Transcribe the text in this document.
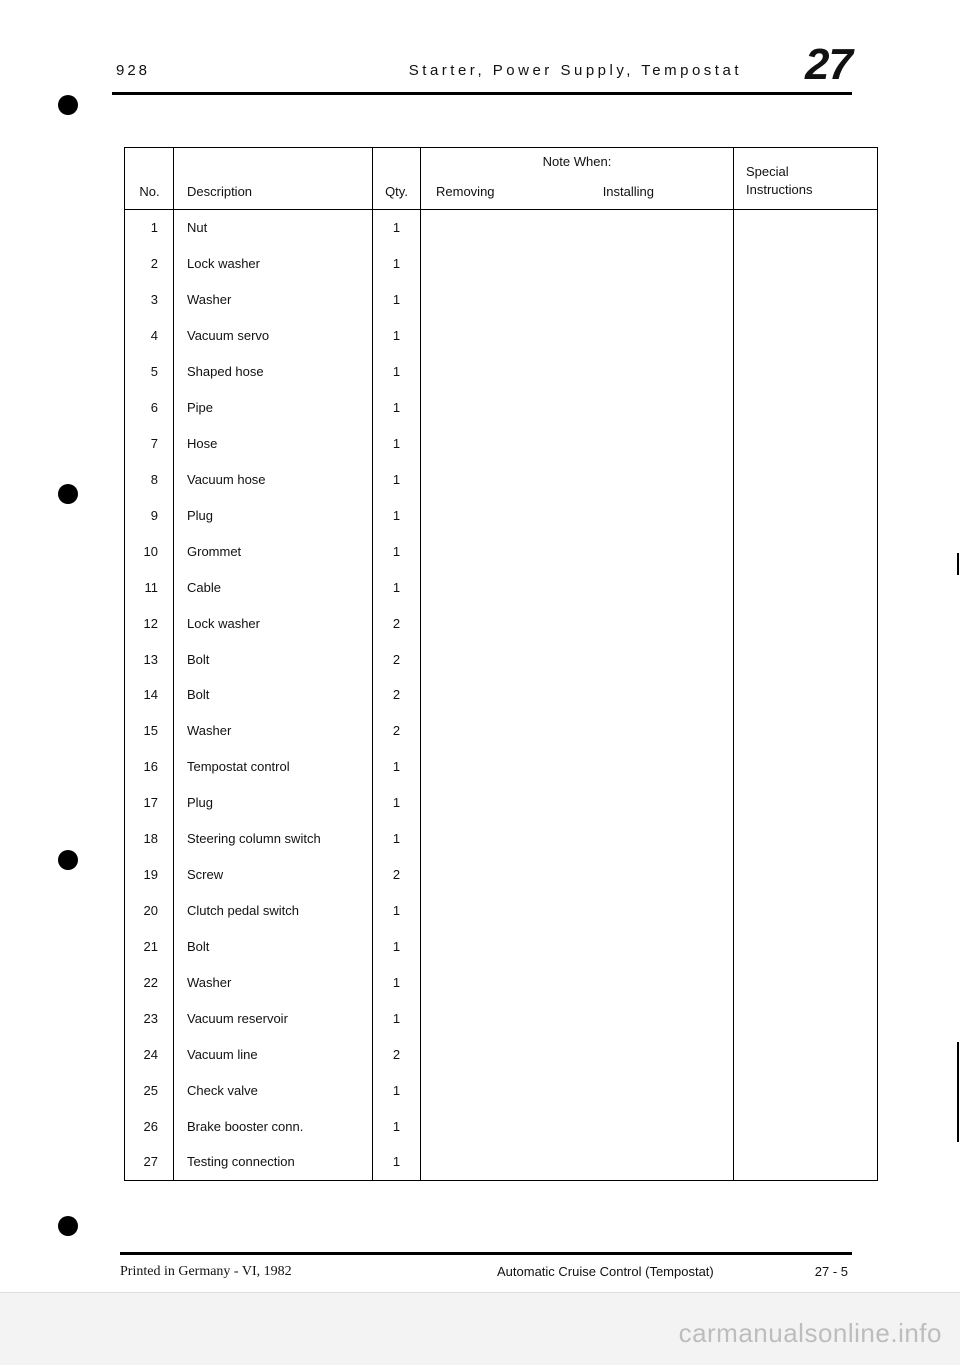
928	Starter, Power Supply, Tempostat 27
No.	Description	Qty.	Note When:
Removing Installing	Special
Instructions

1	Nut	1		
2	Lock washer	1		
3	Washer	1		
4	Vacuum servo	1		
5	Shaped hose	1		
6	Pipe	1		
7	Hose	1		
8	Vacuum hose	1		
9	Plug	1		
10	Grommet	1		
11	Cable	1		
12	Lock washer	2		
13	Bolt	2		
14	Bolt	2		
15	Washer	2		
16	Tempostat control	1		
17	Plug	1		
18	Steering column switch	1		
19	Screw	2		
20	Clutch pedal switch	1		
21	Bolt	1		
22	Washer	1		
23	Vacuum reservoir	1		
24	Vacuum line	2		
25	Check valve	1		
26	Brake booster conn.	1		
27	Testing connection	1		
Printed in Germany - VI, 1982	Automatic Cruise Control (Tempostat)	27 - 5
carmanualsonline.info
